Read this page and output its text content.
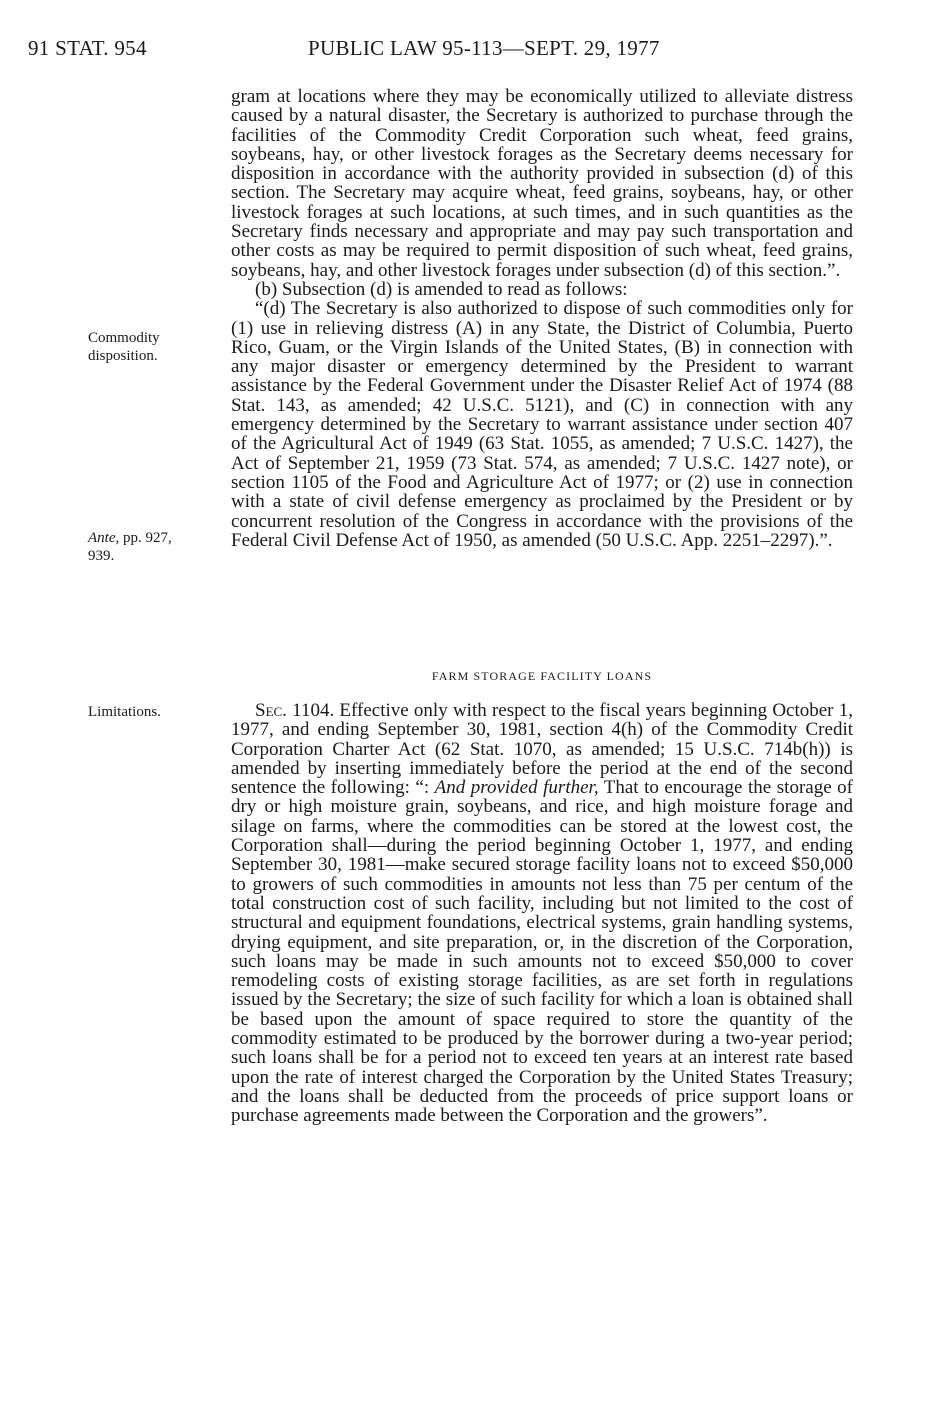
91 STAT. 954	PUBLIC LAW 95-113—SEPT. 29, 1977
Commodity
disposition.
Ante, pp. 927,
939.
Limitations.

gram at locations where they may be economically utilized to alleviate distress caused by a natural disaster, the Secretary is authorized to purchase through the facilities of the Commodity Credit Corporation such wheat, feed grains, soybeans, hay, or other livestock forages as the Secretary deems necessary for disposition in accordance with the authority provided in subsection (d) of this section. The Secretary may acquire wheat, feed grains, soybeans, hay, or other livestock forages at such locations, at such times, and in such quantities as the Secretary finds necessary and appropriate and may pay such transportation and other costs as may be required to permit disposition of such wheat, feed grains, soybeans, hay, and other livestock forages under subsection (d) of this section.”.

(b) Subsection (d) is amended to read as follows:

“(d) The Secretary is also authorized to dispose of such commodities only for (1) use in relieving distress (A) in any State, the District of Columbia, Puerto Rico, Guam, or the Virgin Islands of the United States, (B) in connection with any major disaster or emergency determined by the President to warrant assistance by the Federal Government under the Disaster Relief Act of 1974 (88 Stat. 143, as amended; 42 U.S.C. 5121), and (C) in connection with any emergency determined by the Secretary to warrant assistance under section 407 of the Agricultural Act of 1949 (63 Stat. 1055, as amended; 7 U.S.C. 1427), the Act of September 21, 1959 (73 Stat. 574, as amended; 7 U.S.C. 1427 note), or section 1105 of the Food and Agriculture Act of 1977; or (2) use in connection with a state of civil defense emergency as proclaimed by the President or by concurrent resolution of the Congress in accordance with the provisions of the Federal Civil Defense Act of 1950, as amended (50 U.S.C. App. 2251–2297).”.

FARM STORAGE FACILITY LOANS

Sec. 1104. Effective only with respect to the fiscal years beginning October 1, 1977, and ending September 30, 1981, section 4(h) of the Commodity Credit Corporation Charter Act (62 Stat. 1070, as amended; 15 U.S.C. 714b(h)) is amended by inserting immediately before the period at the end of the second sentence the following: “: And provided further, That to encourage the storage of dry or high moisture grain, soybeans, and rice, and high moisture forage and silage on farms, where the commodities can be stored at the lowest cost, the Corporation shall—during the period beginning October 1, 1977, and ending September 30, 1981—make secured storage facility loans not to exceed $50,000 to growers of such commodities in amounts not less than 75 per centum of the total construction cost of such facility, including but not limited to the cost of structural and equipment foundations, electrical systems, grain handling systems, drying equipment, and site preparation, or, in the discretion of the Corporation, such loans may be made in such amounts not to exceed $50,000 to cover remodeling costs of existing storage facilities, as are set forth in regulations issued by the Secretary; the size of such facility for which a loan is obtained shall be based upon the amount of space required to store the quantity of the commodity estimated to be produced by the borrower during a two-year period; such loans shall be for a period not to exceed ten years at an interest rate based upon the rate of interest charged the Corporation by the United States Treasury; and the loans shall be deducted from the proceeds of price support loans or purchase agreements made between the Corporation and the growers”.
